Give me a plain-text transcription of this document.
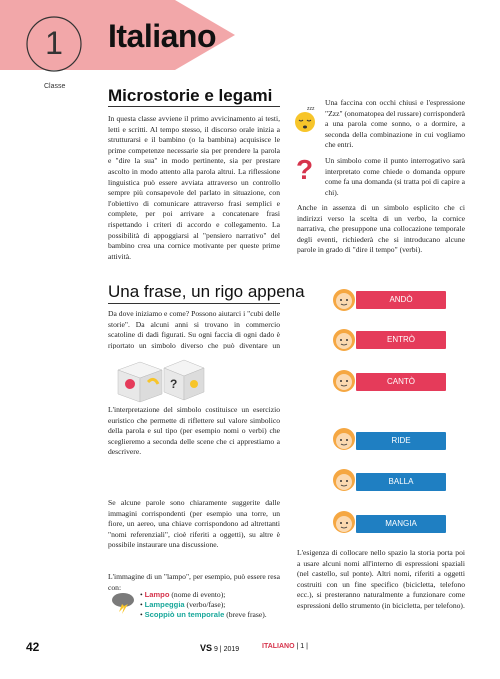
1
Classe
Italiano
Microstorie e legami
In questa classe avviene il primo avvicinamento ai testi, letti e scritti. Al tempo stesso, il discorso orale inizia a strutturarsi e il bambino (o la bambina) acquisisce le prime competenze necessarie sia per prendere la parola e "dire la sua" in modo pertinente, sia per prestare ascolto in modo attento alla parola altrui. La riflessione linguistica può essere avviata attraverso un controllo sempre più consapevole del parlato in situazione, con l'obiettivo di comunicare attraverso frasi semplici e complete, per poi arrivare a concatenare frasi rispettando i criteri di accordo e collegamento. La possibilità di appoggiarsi al "pensiero narrativo" del bambino crea una cornice motivante per queste prime attività.
zzz
Una faccina con occhi chiusi e l'espressione "Zzz" (onomatopea del russare) corrisponderà a una parola come sonno, o a dormire, a seconda della combinazione in cui vogliamo che entri.
? Un simbolo come il punto interrogativo sarà interpretato come chiede o domanda oppure come fa una domanda (si tratta poi di capire a chi).
Anche in assenza di un simbolo esplicito che ci indirizzi verso la scelta di un verbo, la cornice narrativa, che presuppone una collocazione temporale degli eventi, richiederà che si introducano alcune parole in grado di "dire il tempo" (verbi).
Una frase, un rigo appena
Da dove iniziamo e come? Possono aiutarci i "cubi delle storie". Da alcuni anni si trovano in commercio scatoline di dadi figurati. Su ogni faccia di ogni dado è riportato un simbolo diverso che può diventare un
?
L'interpretazione del simbolo costituisce un esercizio euristico che permette di riflettere sul valore simbolico della parola e sul tipo (per esempio nomi o verbi) che sceglieremo a seconda delle scene che ci apprestiamo a descrivere.
Se alcune parole sono chiaramente suggerite dalle immagini corrispondenti (per esempio una torre, un fiore, un aereo, una chiave corrispondono ad altrettanti "nomi referenziali", cioè riferiti a oggetti), su altre è possibile instaurare una discussione.
L'immagine di un "lampo", per esempio, può essere resa con:
• Lampo (nome di evento);
• Lampeggia (verbo/fase);
• Scoppiò un temporale (breve frase).
ANDÒ
ENTRÒ
CANTÒ
RIDE
BALLA
MANGIA
L'esigenza di collocare nello spazio la storia porta poi a usare alcuni nomi all'interno di espressioni spaziali (nel castello, sul ponte). Altri nomi, riferiti a oggetti costruiti con un fine specifico (bicicletta, telefono ecc.), si presteranno naturalmente a funzionare come espressioni dello strumento (in bicicletta, per telefono).
42	VS 9 | 2019	ITALIANO | 1 |
